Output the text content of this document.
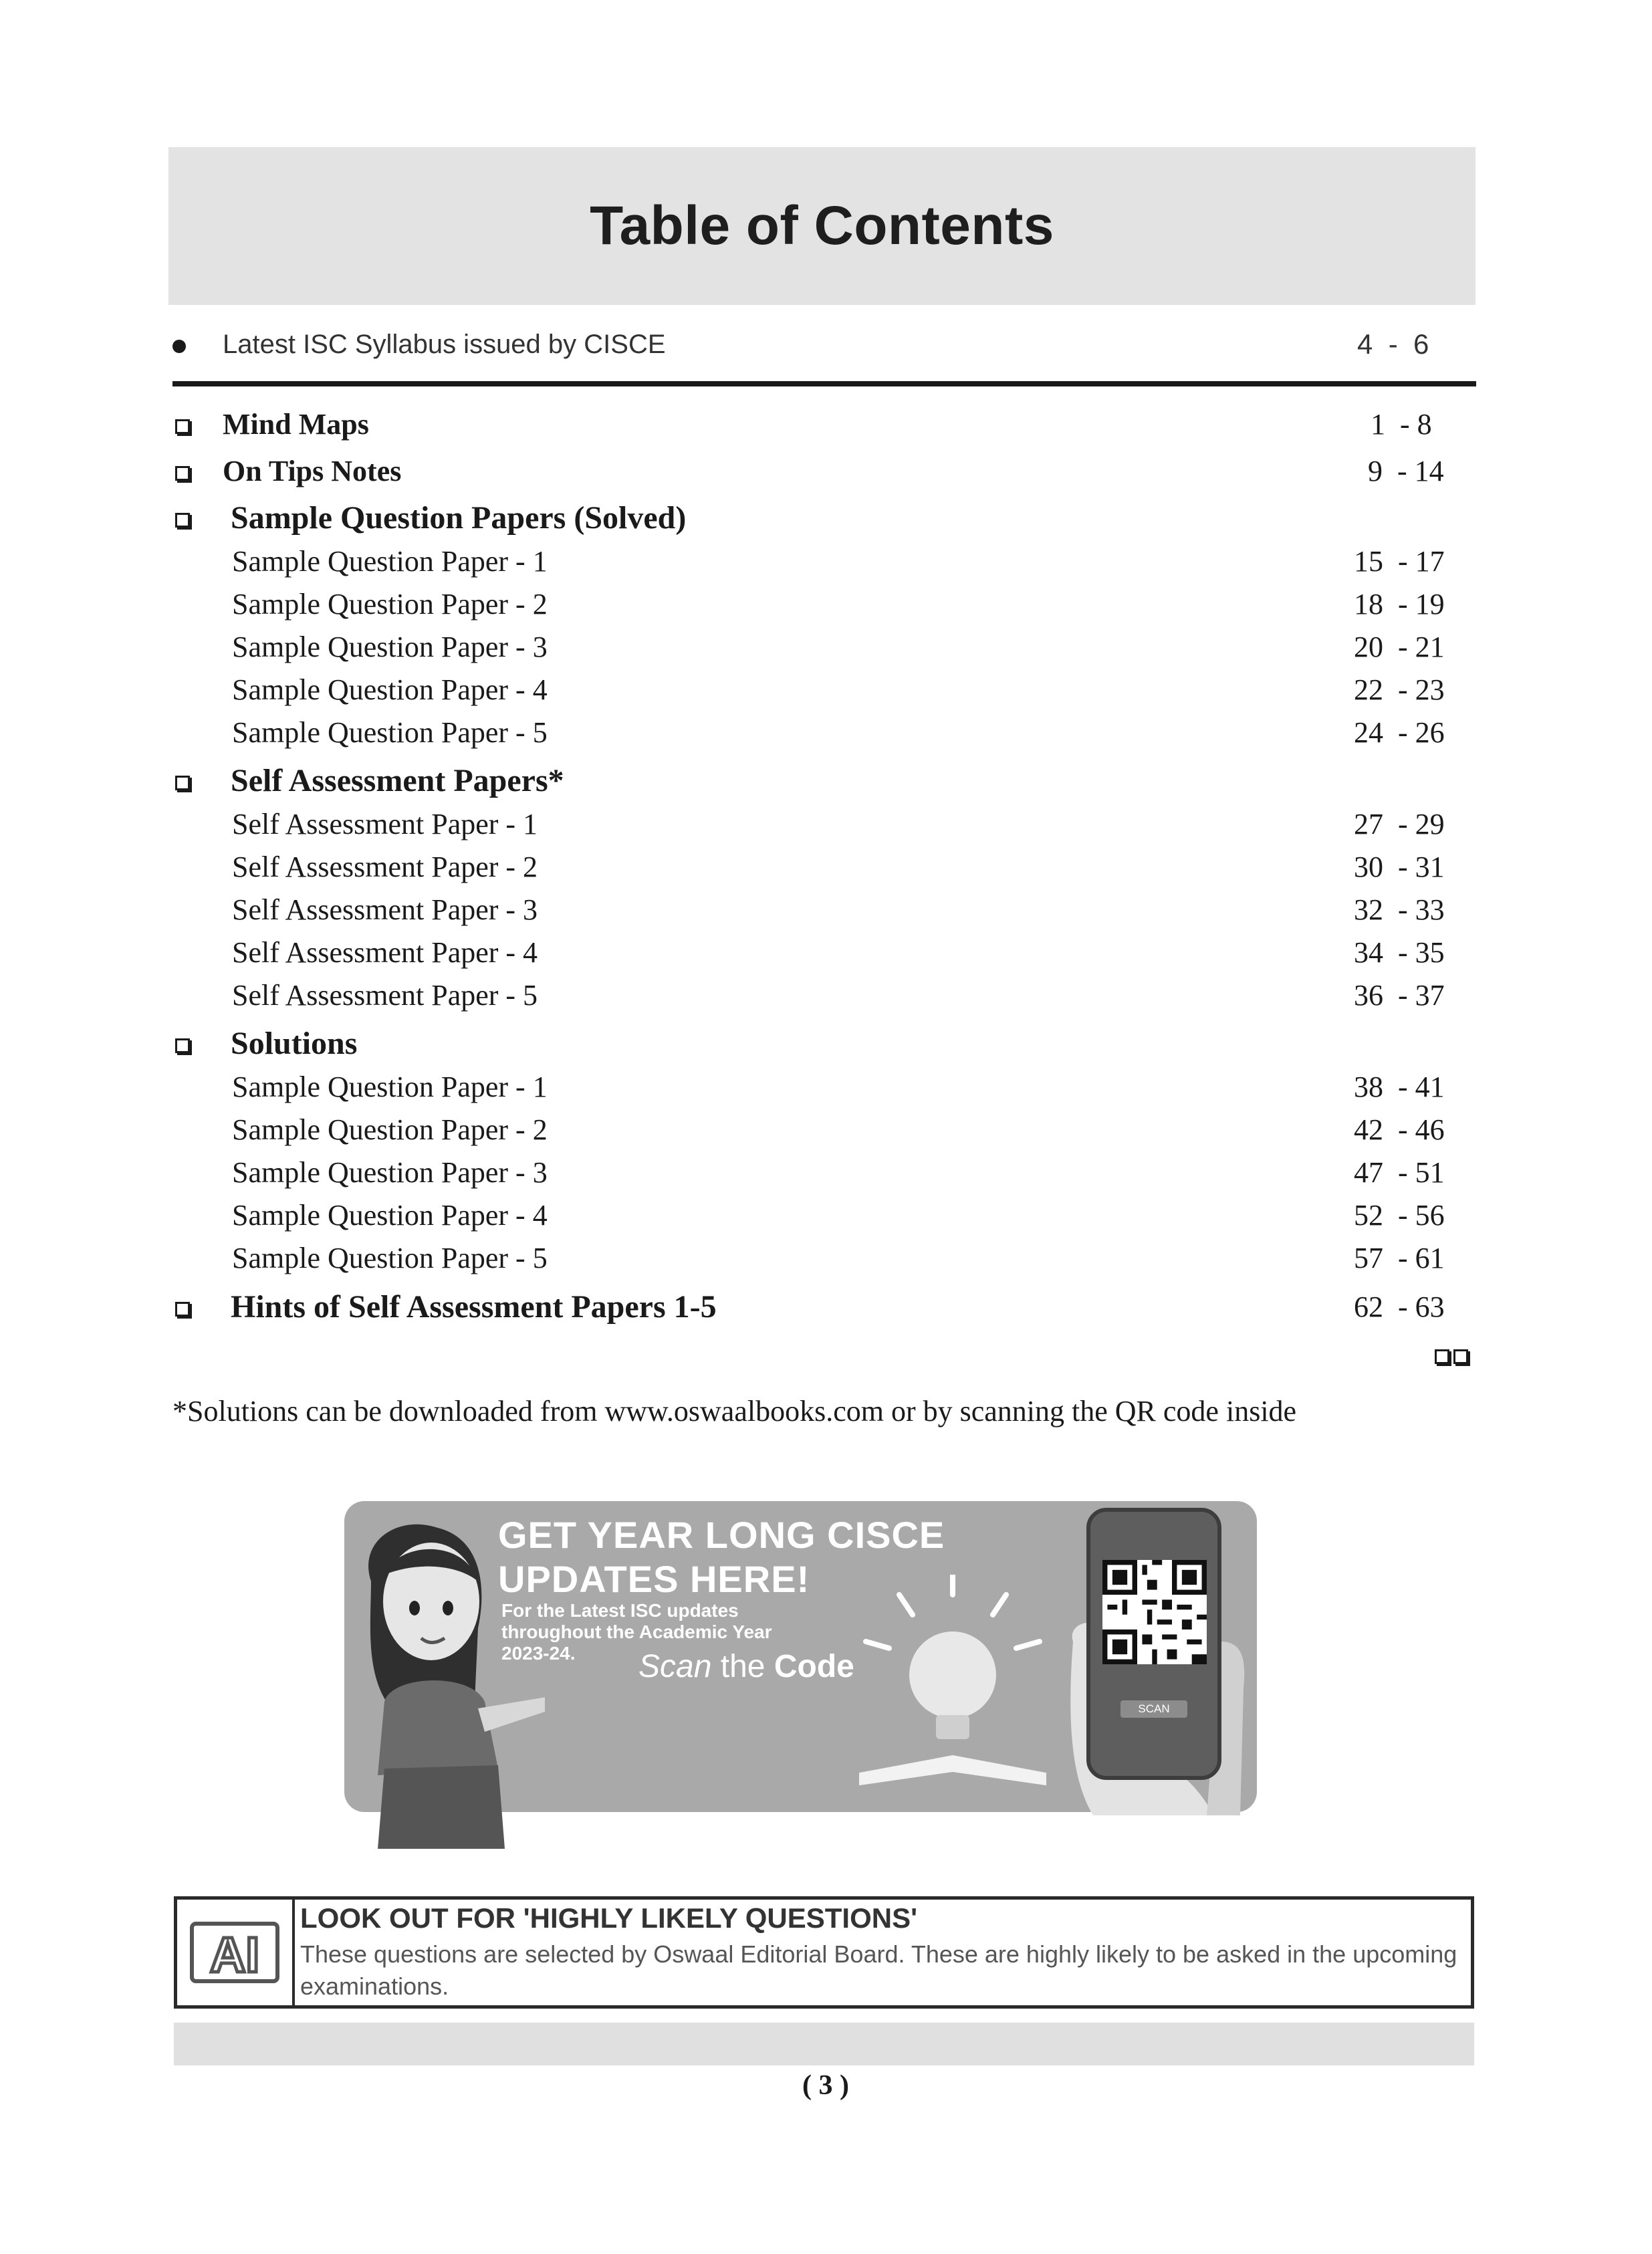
Table of Contents
Latest ISC Syllabus issued by CISCE	4  -  6
Mind Maps	1  - 8
On Tips Notes	9  - 14
Sample Question Papers (Solved)
Sample Question Paper - 1	15  - 17
Sample Question Paper - 2	18  - 19
Sample Question Paper - 3	20  - 21
Sample Question Paper - 4	22  - 23
Sample Question Paper - 5	24  - 26
Self Assessment Papers*
Self Assessment Paper - 1	27  - 29
Self Assessment Paper - 2	30  - 31
Self Assessment Paper - 3	32  - 33
Self Assessment Paper - 4	34  - 35
Self Assessment Paper - 5	36  - 37
Solutions
Sample Question Paper - 1	38  - 41
Sample Question Paper - 2	42  - 46
Sample Question Paper - 3	47  - 51
Sample Question Paper - 4	52  - 56
Sample Question Paper - 5	57  - 61
Hints of Self Assessment Papers 1-5	62  - 63
*Solutions can be downloaded from www.oswaalbooks.com or by scanning the QR code inside
GET YEAR LONG CISCE
UPDATES HERE!
For the Latest ISC updates
throughout the Academic Year
2023-24.	Scan the Code
SCAN
AI
LOOK OUT FOR 'HIGHLY LIKELY QUESTIONS'
These questions are selected by Oswaal Editorial Board. These are highly likely to be asked in the upcoming examinations.
( 3 )
